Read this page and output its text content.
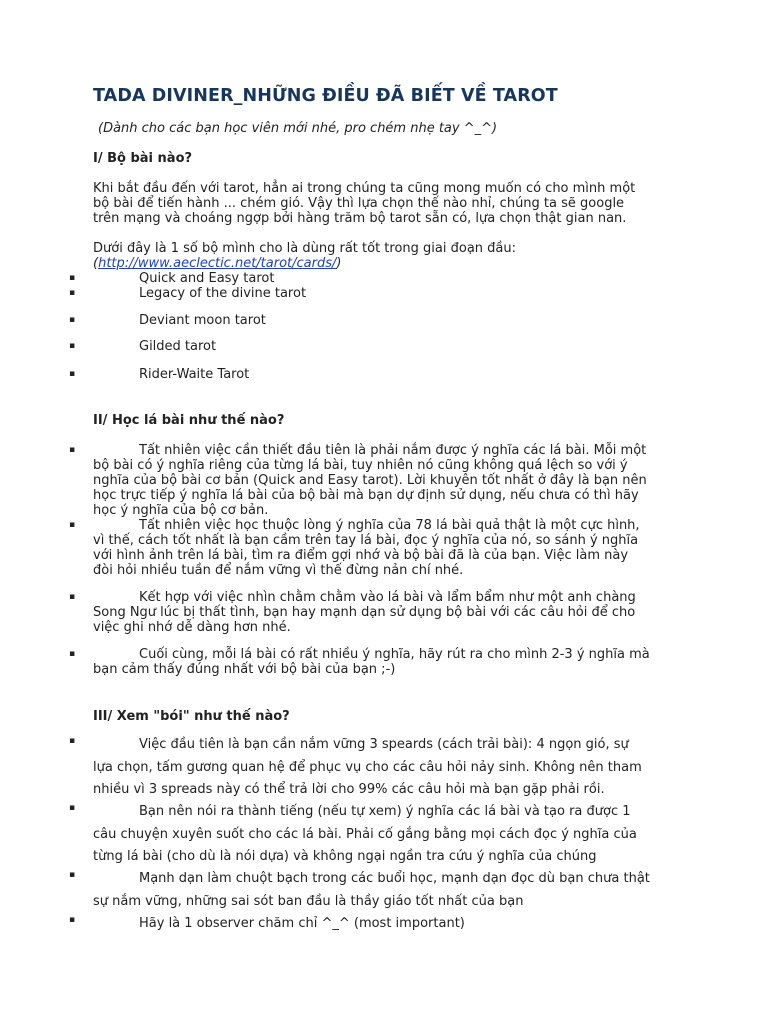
TADA DIVINER_NHỮNG ĐIỀU ĐÃ BIẾT VỀ TAROT
(Dành cho các bạn học viên mới nhé, pro chém nhẹ tay ^_^)
I/ Bộ bài nào?
Khi bắt đầu đến với tarot, hẳn ai trong chúng ta cũng mong muốn có cho mình một
bộ bài để tiến hành ... chém gió. Vậy thì lựa chọn thế nào nhỉ, chúng ta sẽ google
trên mạng và choáng ngợp bởi hàng trăm bộ tarot sẵn có, lựa chọn thật gian nan.
Dưới đây là 1 số bộ mình cho là dùng rất tốt trong giai đoạn đầu:
(http://www.aeclectic.net/tarot/cards/)
▪	Quick and Easy tarot
▪	Legacy of the divine tarot
▪	Deviant moon tarot
▪	Gilded tarot
▪	Rider-Waite Tarot
II/ Học lá bài như thế nào?
▪	Tất nhiên việc cần thiết đầu tiên là phải nắm được ý nghĩa các lá bài. Mỗi một
bộ bài có ý nghĩa riêng của từng lá bài, tuy nhiên nó cũng không quá lệch so với ý
nghĩa của bộ bài cơ bản (Quick and Easy tarot). Lời khuyên tốt nhất ở đây là bạn nên
học trực tiếp ý nghĩa lá bài của bộ bài mà bạn dự định sử dụng, nếu chưa có thì hãy
học ý nghĩa của bộ cơ bản.
▪	Tất nhiên việc học thuộc lòng ý nghĩa của 78 lá bài quả thật là một cực hình,
vì thế, cách tốt nhất là bạn cầm trên tay lá bài, đọc ý nghĩa của nó, so sánh ý nghĩa
với hình ảnh trên lá bài, tìm ra điểm gợi nhớ và bộ bài đã là của bạn. Việc làm này
đòi hỏi nhiều tuần để nắm vững vì thế đừng nản chí nhé.
▪	Kết hợp với việc nhìn chằm chằm vào lá bài và lẩm bẩm như một anh chàng
Song Ngư lúc bị thất tình, bạn hay mạnh dạn sử dụng bộ bài với các câu hỏi để cho
việc ghi nhớ dễ dàng hơn nhé.
▪	Cuối cùng, mỗi lá bài có rất nhiều ý nghĩa, hãy rút ra cho mình 2-3 ý nghĩa mà
bạn cảm thấy đúng nhất với bộ bài của bạn ;-)
III/ Xem "bói" như thế nào?
▪	Việc đầu tiên là bạn cần nắm vững 3 speards (cách trải bài): 4 ngọn gió, sự
lựa chọn, tấm gương quan hệ để phục vụ cho các câu hỏi nảy sinh. Không nên tham
nhiều vì 3 spreads này có thể trả lời cho 99% các câu hỏi mà bạn gặp phải rồi.
▪	Bạn nên nói ra thành tiếng (nếu tự xem) ý nghĩa các lá bài và tạo ra được 1
câu chuyện xuyên suốt cho các lá bài. Phải cố gắng bằng mọi cách đọc ý nghĩa của
từng lá bài (cho dù là nói dựa) và không ngại ngần tra cứu ý nghĩa của chúng
▪	Mạnh dạn làm chuột bạch trong các buổi học, mạnh dạn đọc dù bạn chưa thật
sự nắm vững, những sai sót ban đầu là thầy giáo tốt nhất của bạn
▪	Hãy là 1 observer chăm chỉ ^_^ (most important)
